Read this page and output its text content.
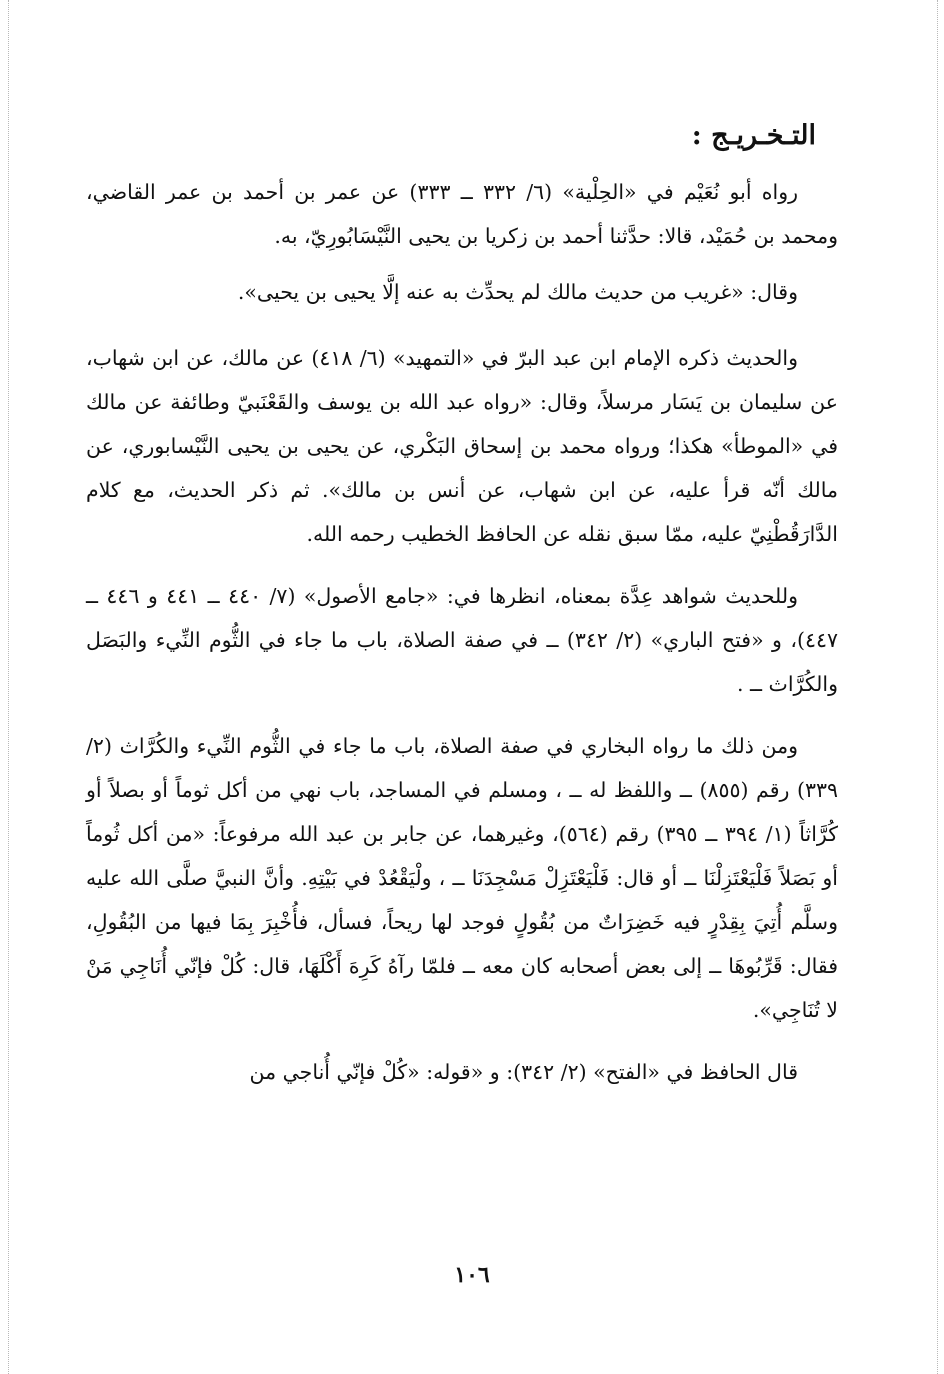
التـخـريـج :

رواه أبو نُعَيْم في «الحِلْية» (٦/ ٣٣٢ ــ ٣٣٣) عن عمر بن أحمد بن عمر القاضي، ومحمد بن حُمَيْد، قالا: حدَّثنا أحمد بن زكريا بن يحيى النَّيْسَابُورِيّ، به.

وقال: «غريب من حديث مالك لم يحدِّث به عنه إلَّا يحيى بن يحيى».

والحديث ذكره الإمام ابن عبد البرّ في «التمهيد» (٦/ ٤١٨) عن مالك، عن ابن شهاب، عن سليمان بن يَسَار مرسلاً، وقال: «رواه عبد الله بن يوسف والقَعْنَبيّ وطائفة عن مالك في «الموطأ» هكذا؛ ورواه محمد بن إسحاق البَكْري، عن يحيى بن يحيى النَّيْسابوري، عن مالك أنّه قرأ عليه، عن ابن شهاب، عن أنس بن مالك». ثم ذكر الحديث، مع كلام الدَّارَقُطْنِيّ عليه، ممّا سبق نقله عن الحافظ الخطيب رحمه الله.

وللحديث شواهد عِدَّة بمعناه، انظرها في: «جامع الأصول» (٧/ ٤٤٠ ــ ٤٤١ و ٤٤٦ ــ ٤٤٧)، و «فتح الباري» (٢/ ٣٤٢) ــ في صفة الصلاة، باب ما جاء في الثُّوم النِّيء والبَصَل والكُرَّاث ــ .

ومن ذلك ما رواه البخاري في صفة الصلاة، باب ما جاء في الثُّوم النِّيء والكُرَّاث (٢/ ٣٣٩) رقم (٨٥٥) ــ واللفظ له ــ ، ومسلم في المساجد، باب نهي من أكل ثوماً أو بصلاً أو كُرَّاثاً (١/ ٣٩٤ ــ ٣٩٥) رقم (٥٦٤)، وغيرهما، عن جابر بن عبد الله مرفوعاً: «من أكل ثُوماً أو بَصَلاً فَلْيَعْتَزِلْنَا ــ أو قال: فَلْيَعْتَزِلْ مَسْجِدَنَا ــ ، ولْيَقْعُدْ في بَيْتِهِ. وأنَّ النبيَّ صلَّى الله عليه وسلَّم أُتِيَ بِقِدْرٍ فيه خَضِرَاتٌ من بُقُولٍ فوجد لها ريحاً، فسأل، فأُخْبِرَ بِمَا فيها من البُقُولِ، فقال: قَرِّبُوهَا ــ إلى بعض أصحابه كان معه ــ فلمّا رآهُ كَرِهَ أَكْلَهَا، قال: كُلْ فإنّي أُنَاجِي مَنْ لا تُنَاجِي».

قال الحافظ في «الفتح» (٢/ ٣٤٢): و «قوله: «كُلْ فإنّي أُناجي من

١٠٦
